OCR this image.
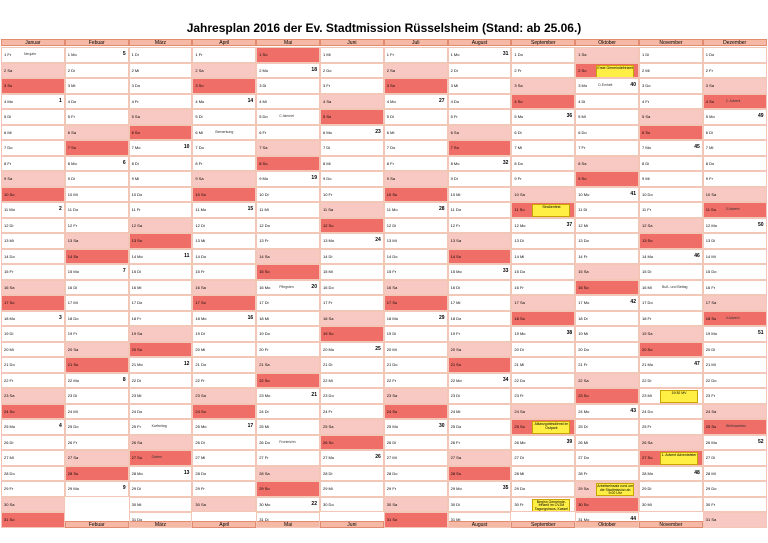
Jahresplan 2016 der Ev. Stadtmission Rüsselsheim (Stand: ab 25.06.)
Januar
1 Fr	Neujahr
2 Sa
3 So
4 Mo	1
5 Di
6 Mi
7 Do
8 Fr
9 Sa
10 So
11 Mo	2
12 Di
13 Mi
14 Do
15 Fr
16 Sa
17 So
18 Mo	3
19 Di
20 Mi
21 Do
22 Fr
23 Sa
24 So
25 Mo	4
26 Di
27 Mi
28 Do
29 Fr
30 Sa
31 So
Febuar
Febuar
1 Mo	5
2 Di
3 Mi
4 Do
5 Fr
6 Sa
7 So
8 Mo	6
9 Di
10 Mi
11 Do
12 Fr
13 Sa
14 So
15 Mo	7
16 Di
17 Mi
18 Do
19 Fr
20 Sa
21 So
22 Mo	8
23 Di
24 Mi
25 Do
26 Fr
27 Sa
28 So
29 Mo	9
März
März
1 Di
2 Mi
3 Do
4 Fr
5 Sa
6 So
7 Mo	10
8 Di
9 Mi
10 Do
11 Fr
12 Sa
13 So
14 Mo	11
15 Di
16 Mi
17 Do
18 Fr
19 Sa
20 So
21 Mo	12
22 Di
23 Mi
24 Do
25 Fr	Karfreitag
26 Sa
27 So	Ostern
28 Mo	13
29 Di
30 Mi
31 Do
April
April
1 Fr
2 Sa
3 So
4 Mo	14
5 Di
6 Mi	Bemerkung
7 Do
8 Fr
9 Sa
10 So
11 Mo	15
12 Di
13 Mi
14 Do
15 Fr
16 Sa
17 So
18 Mo	16
19 Di
20 Mi
21 Do
22 Fr
23 Sa
24 So
25 Mo	17
26 Di
27 Mi
28 Do
29 Fr
30 Sa
Mai
Mai
1 So
2 Mo	18
3 Di
4 Mi
5 Do	C.himmel
6 Fr
7 Sa
8 So
9 Mo	19
10 Di
11 Mi
12 Do
13 Fr
14 Sa
15 So
16 Mo	Pfingsten	20
17 Di
18 Mi
19 Do
20 Fr
21 Sa
22 So
23 Mo	21
24 Di
25 Mi
26 Do	Fronleichn
27 Fr
28 Sa
29 So
30 Mo	22
31 Di
Juni
Juni
1 Mi
2 Do
3 Fr
4 Sa
5 So
6 Mo	23
7 Di
8 Mi
9 Do
10 Fr
11 Sa
12 So
13 Mo	24
14 Di
15 Mi
16 Do
17 Fr
18 Sa
19 So
20 Mo	25
21 Di
22 Mi
23 Do
24 Fr
25 Sa
26 So
27 Mo	26
28 Di
29 Mi
30 Do
Juli
1 Fr
2 Sa
3 So
4 Mo	27
5 Di
6 Mi
7 Do
8 Fr
9 Sa
10 So
11 Mo	28
12 Di
13 Mi
14 Do
15 Fr
16 Sa
17 So
18 Mo	29
19 Di
20 Mi
21 Do
22 Fr
23 Sa
24 So
25 Mo	30
26 Di
27 Mi
28 Do
29 Fr
30 Sa
31 So
August
August
1 Mo	31
2 Di
3 Mi
4 Do
5 Fr
6 Sa
7 So
8 Mo	32
9 Di
10 Mi
11 Do
12 Fr
13 Sa
14 So
15 Mo	33
16 Di
17 Mi
18 Do
19 Fr
20 Sa
21 So
22 Mo	34
23 Di
24 Mi
25 Do
26 Fr
27 Sa
28 So
29 Mo	35
30 Di
31 Mi
September
September
1 Do
2 Fr
3 Sa
4 So
5 Mo	36
6 Di
7 Mi
8 Do
9 Fr
10 Sa
11 So	Straßenfest
12 Mo	37
13 Di
14 Mi
15 Do
16 Fr
17 Sa
18 So
19 Mo	38
20 Di
21 Mi
22 Do
23 Fr
24 Sa
25 So	Allianzgottesdienst im Ostpark
26 Mo	39
27 Di
28 Mi
29 Do
30 Fr	Beginn Gemeinde-freizeit im CVJM Tagungshaus, Kassel
Oktober
Oktober
1 Sa
2 So	Erste Gemeindefreizeit
3 Mo	D.Einheit	40
4 Di
5 Mi
6 Do
7 Fr
8 Sa
9 So
10 Mo	41
11 Di
12 Mi
13 Do
14 Fr
15 Sa
16 So
17 Mo	42
18 Di
19 Mi
20 Do
21 Fr
22 Sa
23 So
24 Mo	43
25 Di
26 Mi
27 Do
28 Fr
29 Sa	Arbeitseinsatz rund um die Stadtmission ab 9:00 Uhr
30 So
31 Mo	44
November
November
1 Di
2 Mi
3 Do
4 Fr
5 Sa
6 So
7 Mo	45
8 Di
9 Mi
10 Do
11 Fr
12 Sa
13 So
14 Mo	46
15 Di
16 Mi	Buß- und Bettag
17 Do
18 Fr
19 Sa
20 So
21 Mo	47
22 Di
23 Mi	19:30 MV
24 Do
25 Fr
26 Sa
27 So	1. Advent Adventsfeier
28 Mo	48
29 Di
30 Mi
Dezember
1 Do
2 Fr
3 Sa
4 So	2. Advent
5 Mo	49
6 Di
7 Mi
8 Do
9 Fr
10 Sa
11 So	3 Advent
12 Mo	50
13 Di
14 Mi
15 Do
16 Fr
17 Sa
18 So	4 Advent
19 Mo	51
20 Di
21 Mi
22 Do
23 Fr
24 Sa
25 So	Weihnachten
26 Mo	52
27 Di
28 Mi
29 Do
30 Fr
31 Sa
